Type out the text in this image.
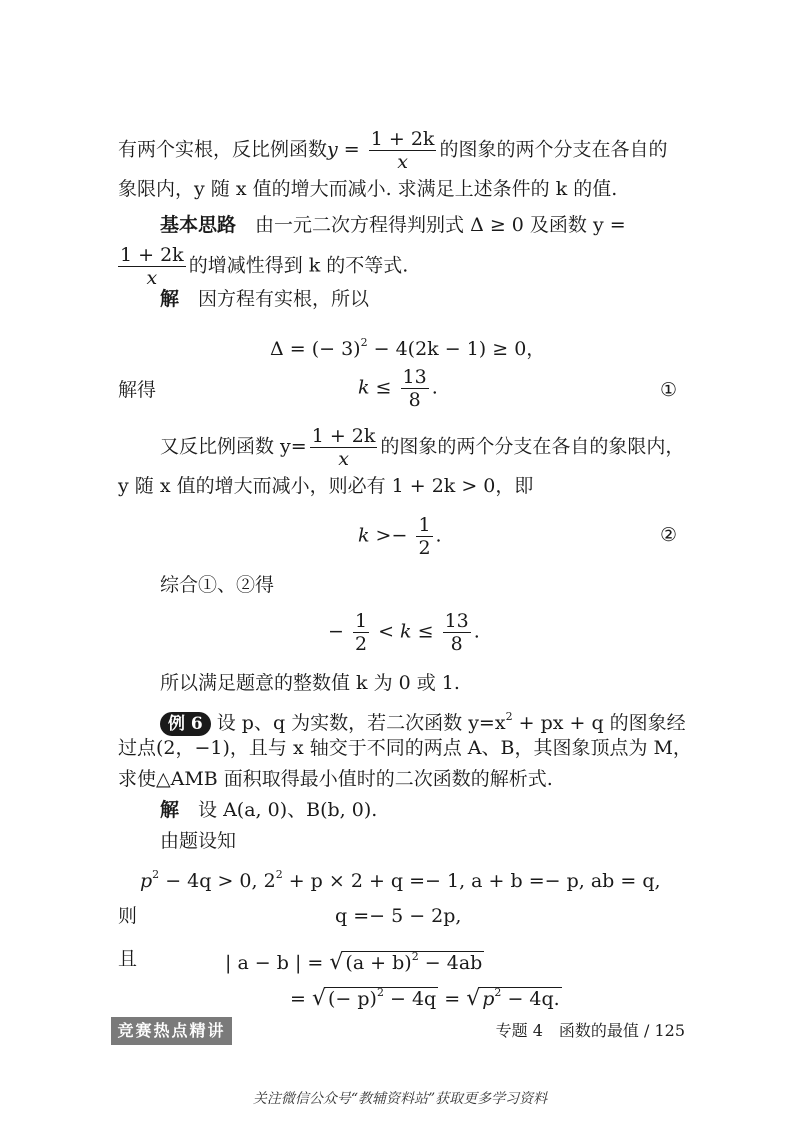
有两个实根，反比例函数$y = \frac{1 + 2k}{x}$ 的图象的两个分支在各自的
象限内，y 随 x 值的增大而减小. 求满足上述条件的 k 的值.
基本思路　 由一元二次方程得判别式 Δ ≥ 0 及函数 y =
$\frac{1 + 2k}{x}$ 的增减性得到 k 的不等式.
解　 因方程有实根，所以
Δ = (− 3)$^2$ − 4(2k − 1) ≥ 0，
解得	$k \le \frac{13}{8}$ .	①
又反比例函数 $y= \frac{1 + 2k}{x}$ 的图象的两个分支在各自的象限内，
y 随 x 值的增大而减小，则必有 1 + 2k > 0，即
$k >- \frac{1}{2}$ .	②
综合①、②得
− $\frac{1}{2} < k \le \frac{13}{8}$ .
所以满足题意的整数值 k 为 0 或 1.
例 6 设 p、q 为实数，若二次函数 $y=x^2$ + px + q 的图象经
过点(2，−1)，且与 x 轴交于不同的两点 A、B，其图象顶点为 M，
求使△AMB 面积取得最小值时的二次函数的解析式.
解　 设 A(a, 0)、B(b, 0).
由题设知
$p^2 - 4q > 0$, $2^2 + p \times 2 + q =- 1$, a + b =− p, ab = q,
则	q =− 5 − 2p,
且	| a − b | = √ $(a + b)^2 - 4ab$
= √ (− p)$^2$ − 4q = √ $p^2 - 4q$.
竞赛热点精讲	专题 4　函数的最值 / 125
关注微信公众号“教辅资料站”获取更多学习资料
